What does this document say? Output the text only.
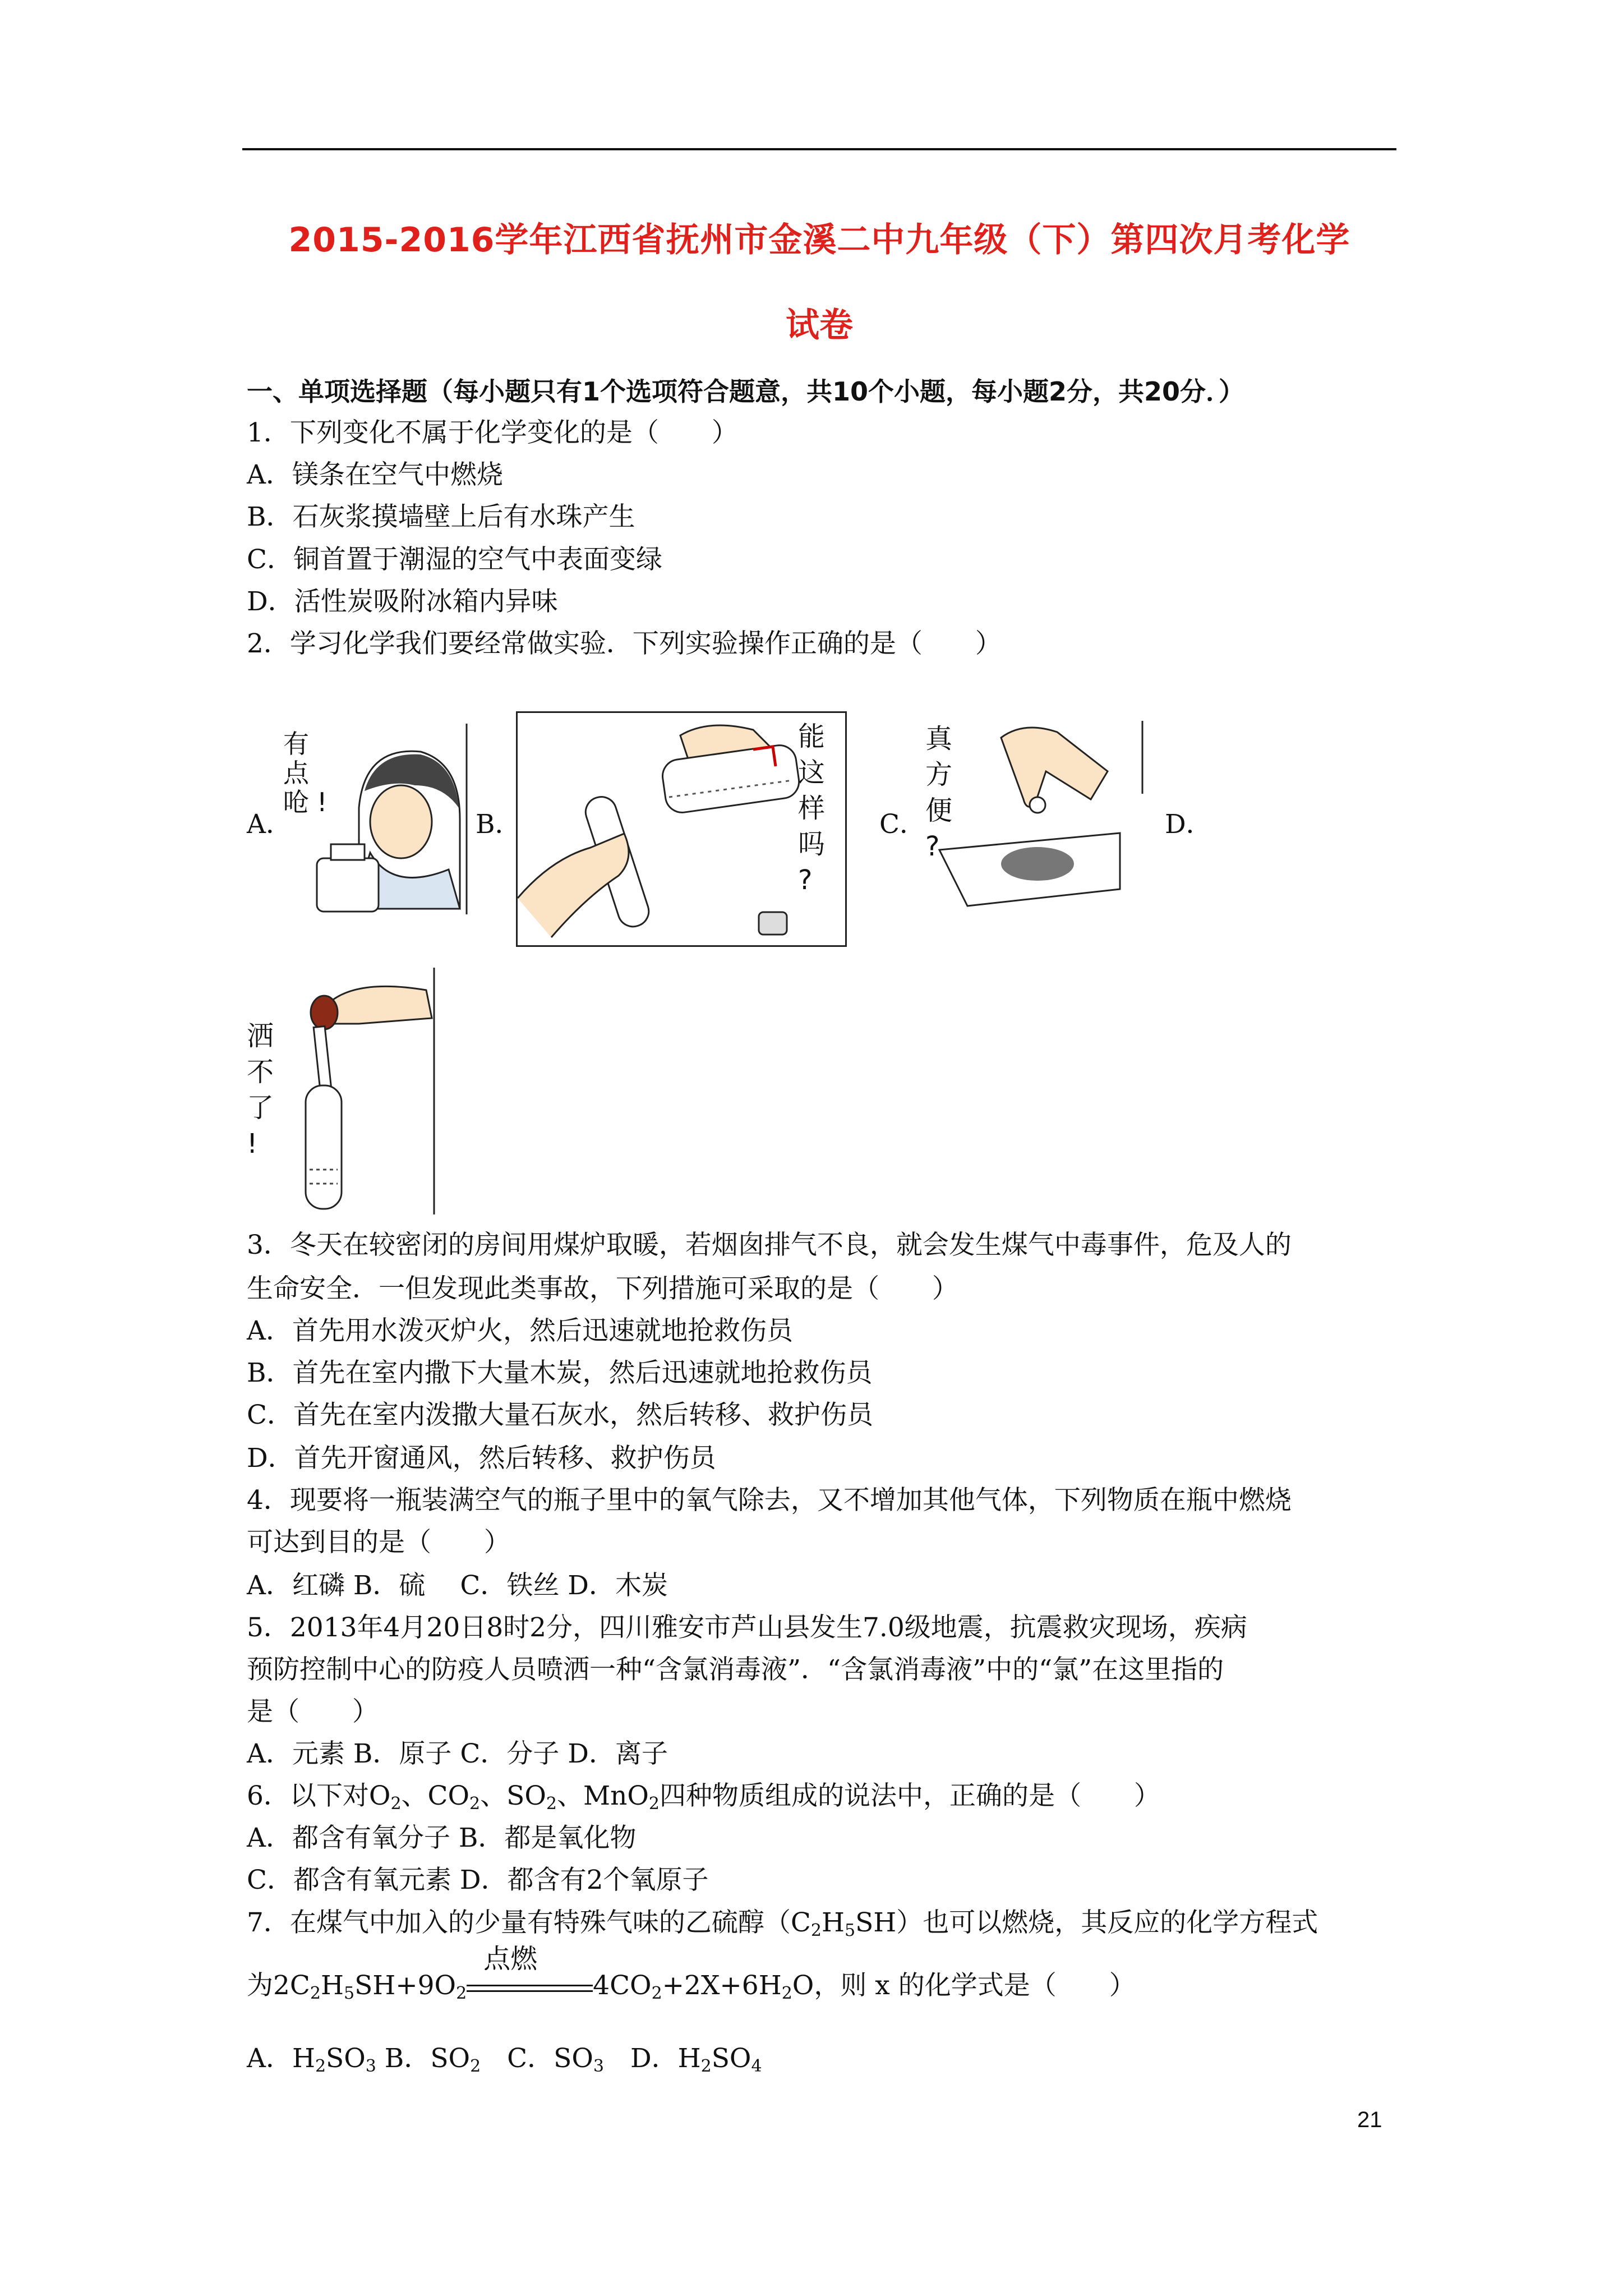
2015-2016学年江西省抚州市金溪二中九年级（下）第四次月考化学
试卷
一、单项选择题（每小题只有1个选项符合题意，共10个小题，每小题2分，共20分．）
1．下列变化不属于化学变化的是（　　）
A．镁条在空气中燃烧
B．石灰浆摸墙壁上后有水珠产生
C．铜首置于潮湿的空气中表面变绿
D．活性炭吸附冰箱内异味
2．学习化学我们要经常做实验．下列实验操作正确的是（　　）
A．	B．	C．	D．
有
点
呛 !
能
这
样
吗
?
真
方
便
?
洒
不
了
!
3．冬天在较密闭的房间用煤炉取暖，若烟囱排气不良，就会发生煤气中毒事件，危及人的
生命安全．一但发现此类事故，下列措施可采取的是（　　）
A．首先用水泼灭炉火，然后迅速就地抢救伤员
B．首先在室内撒下大量木炭，然后迅速就地抢救伤员
C．首先在室内泼撒大量石灰水，然后转移、救护伤员
D．首先开窗通风，然后转移、救护伤员
4．现要将一瓶装满空气的瓶子里中的氧气除去，又不增加其他气体，下列物质在瓶中燃烧
可达到目的是（　　）
A．红磷 B．硫　 C．铁丝 D．木炭
5．2013年4月20日8时2分，四川雅安市芦山县发生7.0级地震，抗震救灾现场，疾病
预防控制中心的防疫人员喷洒一种“含氯消毒液”．“含氯消毒液”中的“氯”在这里指的
是（　　）
A．元素 B．原子 C．分子 D．离子
6．以下对$O_2$、$CO_2$、$SO_2$、MnO$_2$四种物质组成的说法中，正确的是（　　）
A．都含有氧分子 B．都是氧化物
C．都含有氧元素 D．都含有2个氧原子
7．在煤气中加入的少量有特殊气味的乙硫醇$(C_2H_5SH)$也可以燃烧，其反应的化学方程式
为$2C_2H_5SH+9O_2$
点燃
$4CO_2+2X+6H_2O$，则 x 的化学式是（　　）
A．$H_2SO_3$ B．$SO_2$　C．$SO_3$　D．$H_2SO_4$
21
